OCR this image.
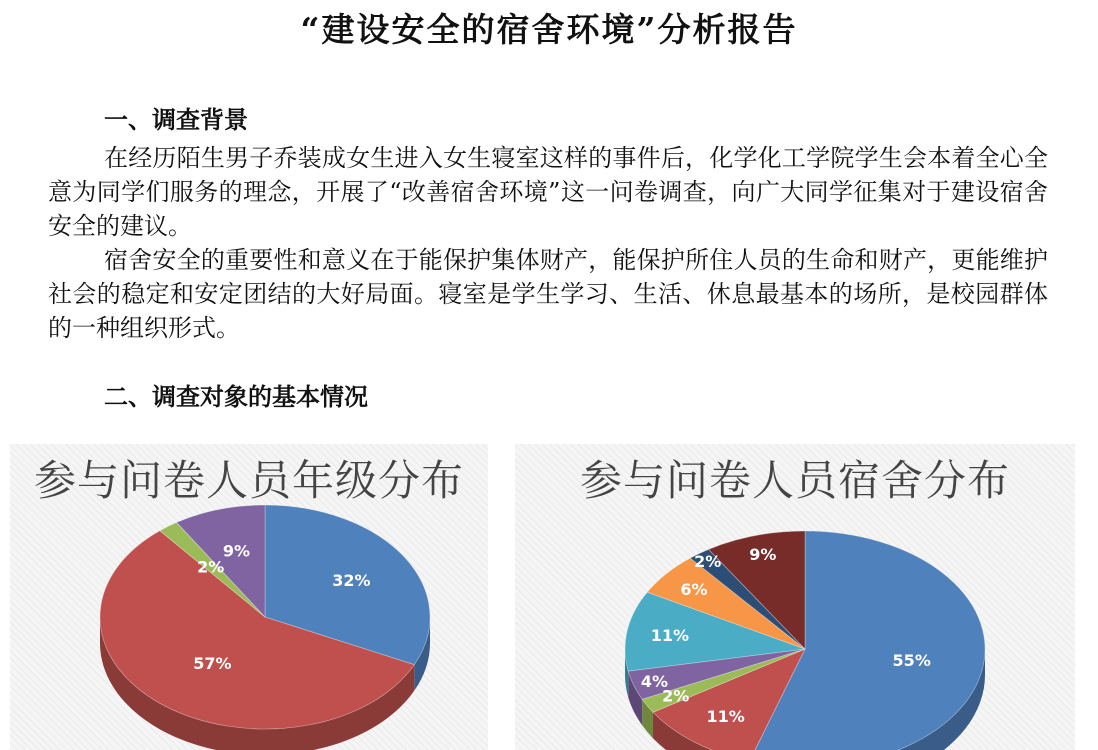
“建设安全的宿舍环境”分析报告
一、调查背景

在经历陌生男子乔装成女生进入女生寝室这样的事件后，化学化工学院学生会本着全心全意为同学们服务的理念，开展了“改善宿舍环境”这一问卷调查，向广大同学征集对于建设宿舍安全的建议。

宿舍安全的重要性和意义在于能保护集体财产，能保护所住人员的生命和财产，更能维护社会的稳定和安定团结的大好局面。寝室是学生学习、生活、休息最基本的场所，是校园群体的一种组织形式。

二、调查对象的基本情况
参与问卷人员年级分布
32%
57%
2%
9%
参与问卷人员宿舍分布
55%
11%
2%
4%
11%
6%
2% 9%
